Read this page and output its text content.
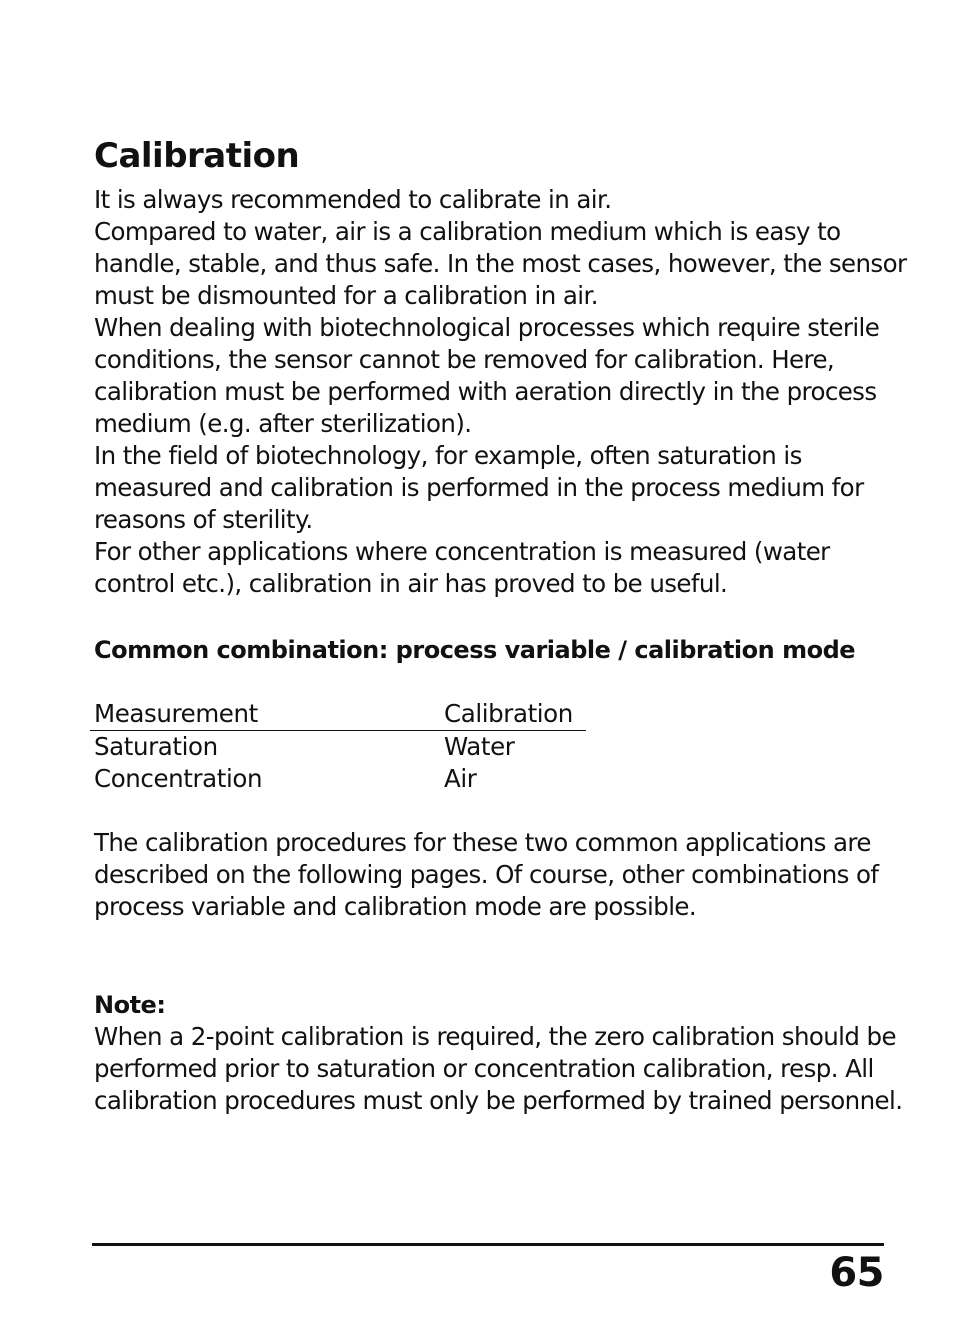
Calibration

It is always recommended to calibrate in air.

Compared to water, air is a calibration medium which is easy to handle, stable, and thus safe. In the most cases, however, the sensor must be dismounted for a calibration in air.

When dealing with biotechnological processes which require sterile conditions, the sensor cannot be removed for calibration. Here, calibration must be performed with aeration directly in the process medium (e.g. after sterilization).

In the field of biotechnology, for example, often saturation is measured and calibration is performed in the process medium for reasons of sterility.

For other applications where concentration is measured (water control etc.), calibration in air has proved to be useful.

Common combination: process variable / calibration mode
Measurement	Calibration
Saturation	Water
Concentration	Air
The calibration procedures for these two common applications are described on the following pages. Of course, other combinations of process variable and calibration mode are possible.
Note:
When a 2-point calibration is required, the zero calibration should be performed prior to saturation or concentration calibration, resp. All calibration procedures must only be performed by trained personnel.
65
